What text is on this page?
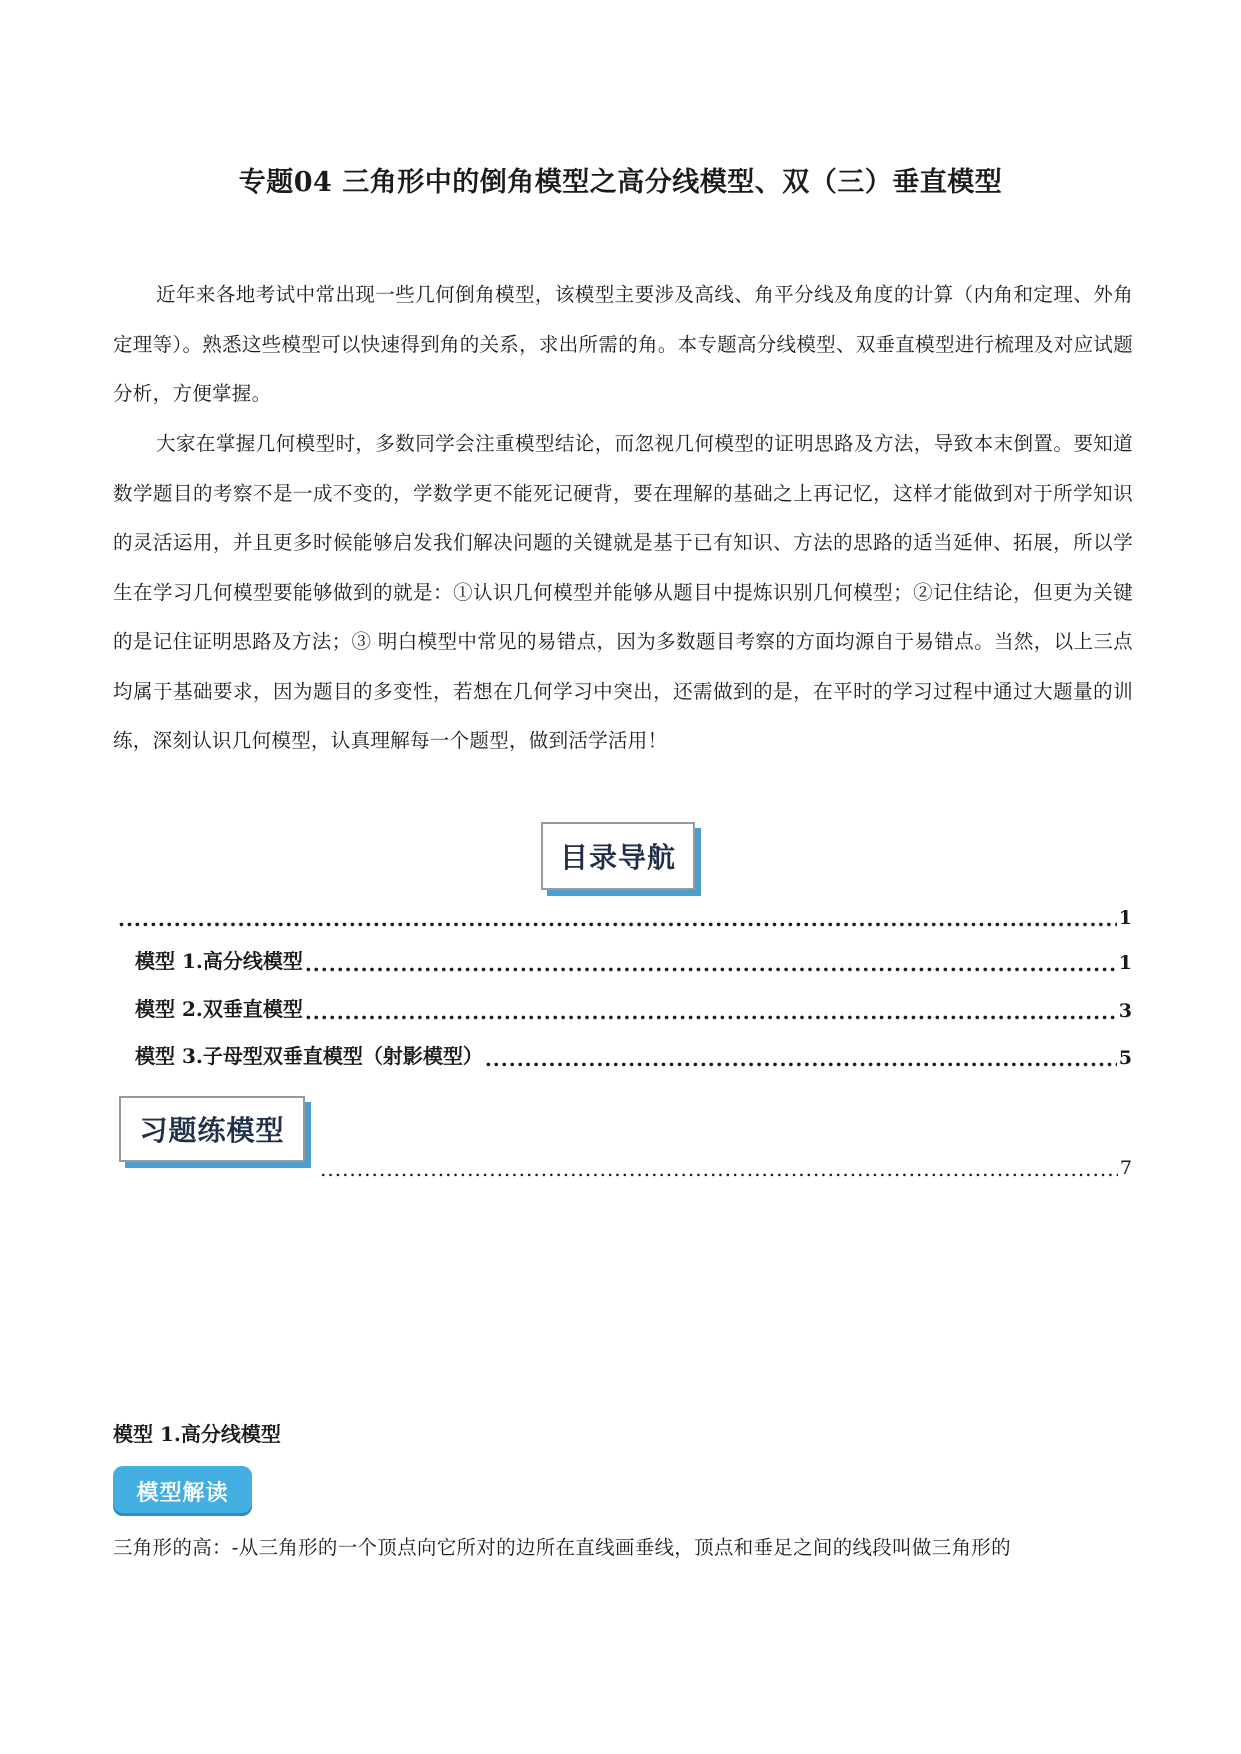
专题04 三角形中的倒角模型之高分线模型、双（三）垂直模型

近年来各地考试中常出现一些几何倒角模型，该模型主要涉及高线、角平分线及角度的计算（内角和定理、外角定理等）。熟悉这些模型可以快速得到角的关系，求出所需的角。本专题高分线模型、双垂直模型进行梳理及对应试题分析，方便掌握。

大家在掌握几何模型时，多数同学会注重模型结论，而忽视几何模型的证明思路及方法，导致本末倒置。要知道数学题目的考察不是一成不变的，学数学更不能死记硬背，要在理解的基础之上再记忆，这样才能做到对于所学知识的灵活运用，并且更多时候能够启发我们解决问题的关键就是基于已有知识、方法的思路的适当延伸、拓展，所以学生在学习几何模型要能够做到的就是：①认识几何模型并能够从题目中提炼识别几何模型；②记住结论，但更为关键的是记住证明思路及方法；③ 明白模型中常见的易错点，因为多数题目考察的方面均源自于易错点。当然，以上三点均属于基础要求，因为题目的多变性，若想在几何学习中突出，还需做到的是，在平时的学习过程中通过大题量的训练，深刻认识几何模型，认真理解每一个题型，做到活学活用！

目录导航
.....
1
模型 1.高分线模型 .....	1
模型 2.双垂直模型 .....	3
模型 3.子母型双垂直模型（射影模型） .....	5
习题练模型
.....
7
模型 1.高分线模型
模型解读

三角形的高：-从三角形的一个顶点向它所对的边所在直线画垂线，顶点和垂足之间的线段叫做三角形的
